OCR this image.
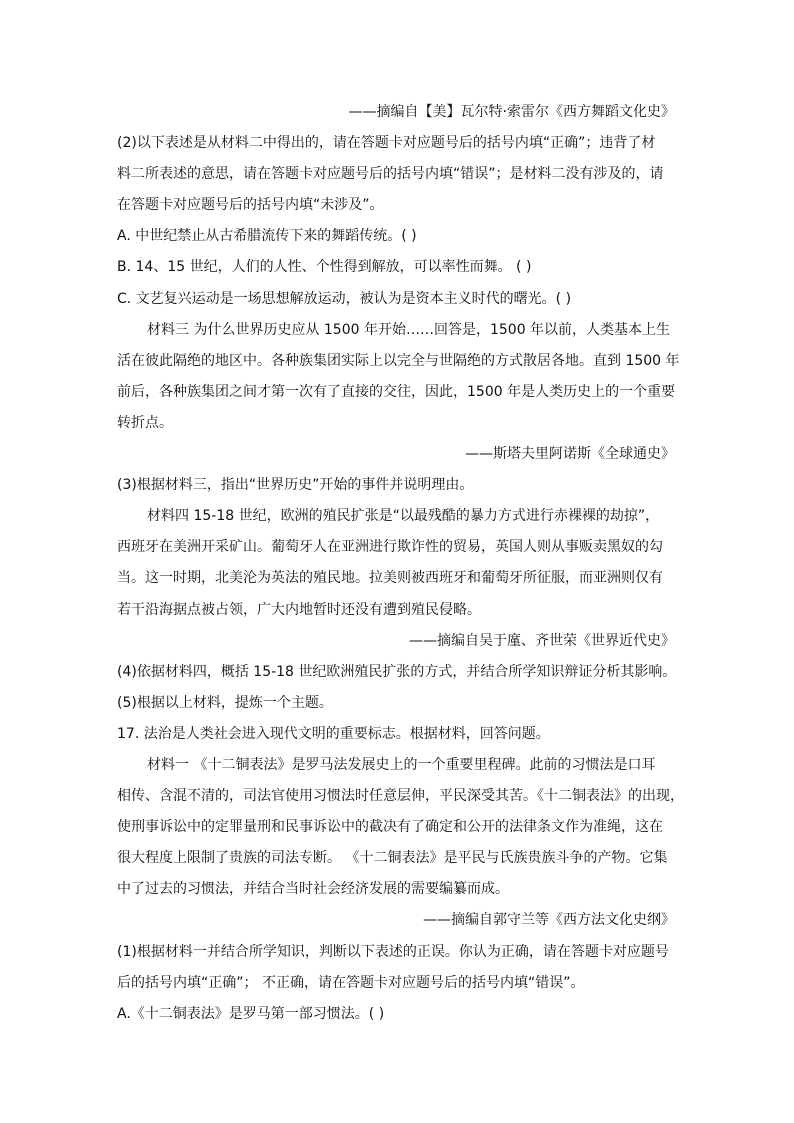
——摘编自【美】瓦尔特·索雷尔《西方舞蹈文化史》
(2)以下表述是从材料二中得出的，请在答题卡对应题号后的括号内填“正确”；违背了材
料二所表述的意思，请在答题卡对应题号后的括号内填“错误”；是材料二没有涉及的，请
在答题卡对应题号后的括号内填“未涉及”。
A. 中世纪禁止从古希腊流传下来的舞蹈传统。( )
B. 14、15 世纪，人们的人性、个性得到解放，可以率性而舞。 ( )
C. 文艺复兴运动是一场思想解放运动，被认为是资本主义时代的曙光。( )
材料三 为什么世界历史应从 1500 年开始……回答是，1500 年以前，人类基本上生
活在彼此隔绝的地区中。各种族集团实际上以完全与世隔绝的方式散居各地。直到 1500 年
前后，各种族集团之间才第一次有了直接的交往，因此，1500 年是人类历史上的一个重要
转折点。
——斯塔夫里阿诺斯《全球通史》
(3)根据材料三，指出“世界历史”开始的事件并说明理由。
材料四 15-18 世纪，欧洲的殖民扩张是“以最残酷的暴力方式进行赤裸裸的劫掠”，
西班牙在美洲开采矿山。葡萄牙人在亚洲进行欺诈性的贸易，英国人则从事贩卖黑奴的勾
当。这一时期，北美沦为英法的殖民地。拉美则被西班牙和葡萄牙所征服，而亚洲则仅有
若干沿海据点被占领，广大内地暂时还没有遭到殖民侵略。
——摘编自吴于廑、齐世荣《世界近代史》
(4)依据材料四，概括 15-18 世纪欧洲殖民扩张的方式，并结合所学知识辩证分析其影响。
(5)根据以上材料，提炼一个主题。
17. 法治是人类社会进入现代文明的重要标志。根据材料，回答问题。
材料一 《十二铜表法》是罗马法发展史上的一个重要里程碑。此前的习惯法是口耳
相传、含混不清的，司法官使用习惯法时任意层伸，平民深受其苦。《十二铜表法》的出现，
使刑事诉讼中的定罪量刑和民事诉讼中的截决有了确定和公开的法律条文作为准绳，这在
很大程度上限制了贵族的司法专断。 《十二铜表法》是平民与氏族贵族斗争的产物。它集
中了过去的习惯法，并结合当时社会经济发展的需要编纂而成。
——摘编自郭守兰等《西方法文化史纲》
(1)根据材料一并结合所学知识，判断以下表述的正误。你认为正确，请在答题卡对应题号
后的括号内填“正确”； 不正确，请在答题卡对应题号后的括号内填“错误”。
A.《十二铜表法》是罗马第一部习惯法。( )
